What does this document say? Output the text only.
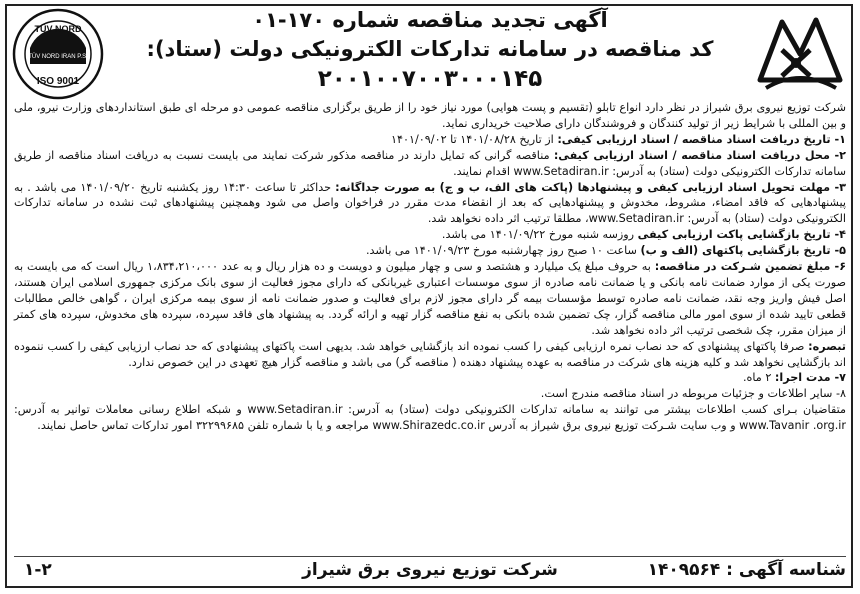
TÜV NORD
TÜV NORD IRAN P.S.
ISO 9001
آگهی تجدید مناقصه شماره ۱۷۰-۰۱
کد مناقصه در سامانه تدارکات الکترونیکی دولت (ستاد):
۲۰۰۱۰۰۷۰۰۳۰۰۰۱۴۵

شرکت توزیع نیروی برق شیراز در نظر دارد انواع تابلو (تقسیم و پست هوایی) مورد نیاز خود را از طریق برگزاری مناقصه عمومی دو مرحله ای طبق استانداردهای وزارت نیرو، ملی و بین المللی با شرایط زیر از تولید کنندگان و فروشندگان دارای صلاحیت خریداری نماید.

۱- تاریخ دریافت اسناد مناقصه / اسناد ارزیابی کیفی: از تاریخ ۱۴۰۱/۰۸/۲۸ تا ۱۴۰۱/۰۹/۰۲

۲- محل دریافت اسناد مناقصه / اسناد ارزیابی کیفی: مناقصه گرانی که تمایل دارند در مناقصه مذکور شرکت نمایند می بایست نسبت به دریافت اسناد مناقصه از طریق سامانه تدارکات الکترونیکی دولت (ستاد) به آدرس: www.Setadiran.ir اقدام نمایند.

۳- مهلت تحویل اسناد ارزیابی کیفی و پیشنهادها (پاکت های الف، ب و ج) به صورت جداگانه: حداکثر تا ساعت ۱۴:۳۰ روز یکشنبه تاریخ ۱۴۰۱/۰۹/۲۰ می باشد . به پیشنهادهایی که فاقد امضاء، مشروط، مخدوش و پیشنهادهایی که بعد از انقضاء مدت مقرر در فراخوان واصل می شود وهمچنین پیشنهادهای ثبت نشده در سامانه تدارکات الکترونیکی دولت (ستاد) به آدرس: www.Setadiran.ir، مطلقا ترتیب اثر داده نخواهد شد.

۴- تاریخ بازگشایی پاکت ارزیابی کیفی روزسه شنبه مورخ ۱۴۰۱/۰۹/۲۲ می باشد.

۵- تاریخ بازگشایی پاکتهای (الف و ب) ساعت ۱۰ صبح روز چهارشنبه مورخ ۱۴۰۱/۰۹/۲۳ می باشد.

۶- مبلغ تضمین شـرکت در مناقصه: به حروف مبلغ یک میلیارد و هشتصد و سی و چهار میلیون و دویست و ده هزار ریال و به عدد ۱،۸۳۴،۲۱۰،۰۰۰ ریال است که می بایست به صورت یکی از موارد ضمانت نامه بانکی و یا ضمانت نامه صادره از سوی موسسات اعتباری غیربانکی که دارای مجوز فعالیت از سوی بانک مرکزی جمهوری اسلامی ایران هستند، اصل فیش واریز وجه نقد، ضمانت نامه صادره توسط مؤسسات بیمه گر دارای مجوز لازم برای فعالیت و صدور ضمانت نامه از سوی بیمه مرکزی ایران ، گواهی خالص مطالبات قطعی تایید شده از سوی امور مالی مناقصه گزار، چک تضمین شده بانکی به نفع مناقصه گزار تهیه و ارائه گردد. به پیشنهاد های فاقد سپرده، سپرده های مخدوش، سپرده های کمتر از میزان مقرر، چک شخصی ترتیب اثر داده نخواهد شد.

تبصره: صرفا پاکتهای پیشنهادی که حد نصاب نمره ارزیابی کیفی را کسب نموده اند بازگشایی خواهد شد. بدیهی است پاکتهای پیشنهادی که حد نصاب ارزیابی کیفی را کسب ننموده اند بازگشایی نخواهد شد و کلیه هزینه های شرکت در مناقصه به عهده پیشنهاد دهنده ( مناقصه گر) می باشد و مناقصه گزار هیچ تعهدی در این خصوص ندارد.

۷- مدت اجرا: ۲ ماه.

۸- سایر اطلاعات و جزئیات مربوطه در اسناد مناقصه مندرج است.

متقاضیان بـرای کسب اطلاعات بیشتر می توانند به سامانه تدارکات الکترونیکی دولت (ستاد) به آدرس: www.Setadiran.ir و شبکه اطلاع رسانی معاملات توانیر به آدرس: www.Tavanir .org.ir و وب سایت شـرکت توزیع نیروی برق شیراز به آدرس www.Shirazedc.co.ir مراجعه و یا با شماره تلفن ۳۲۲۹۹۶۸۵ امور تدارکات تماس حاصل نمایند.

شناسه آگهی : ۱۴۰۹۵۶۴
شرکت توزیع نیروی برق شیراز
۱-۲
